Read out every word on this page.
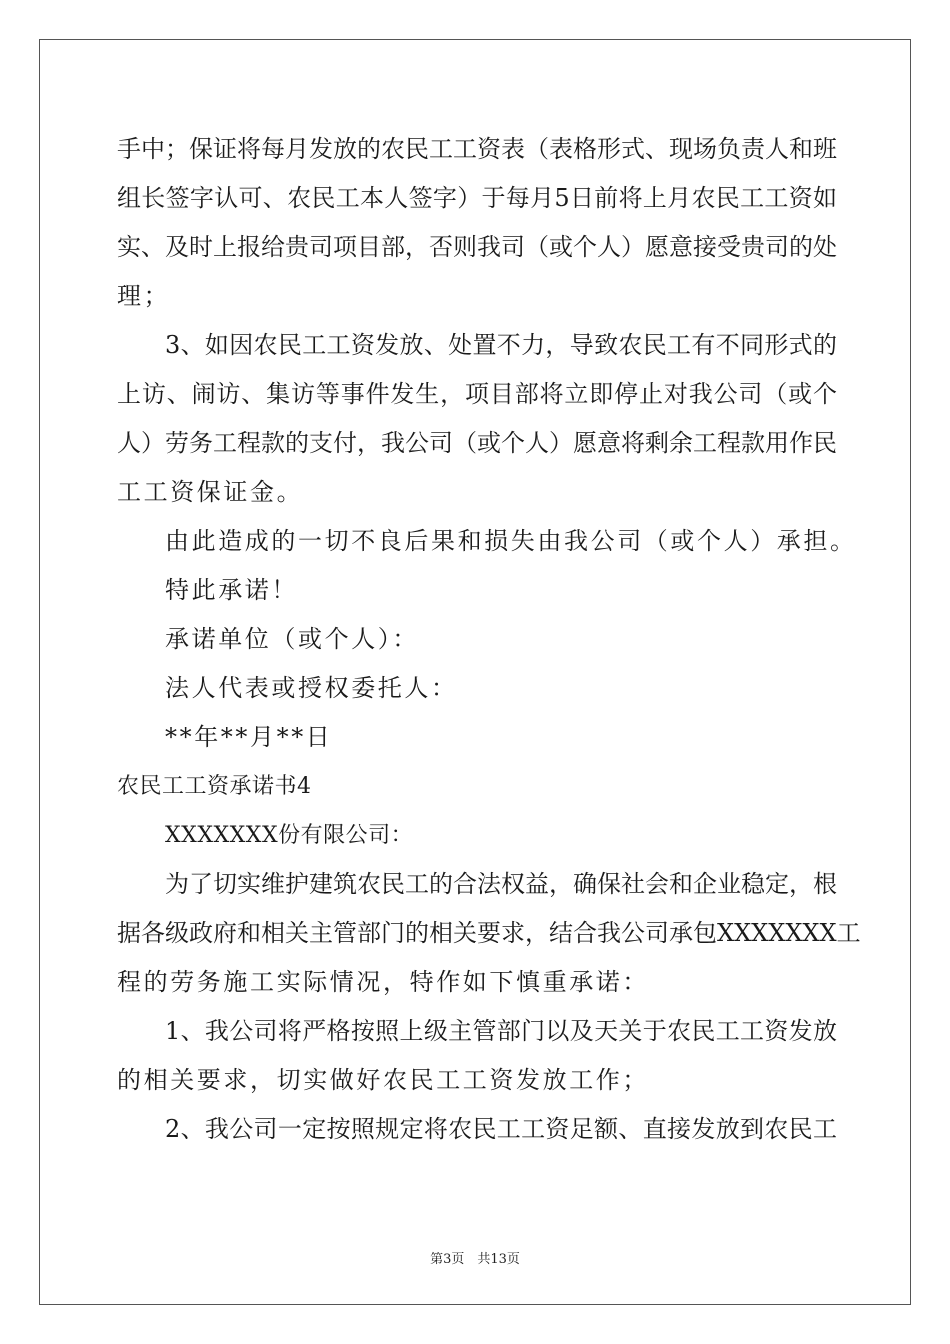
手中；保证将每月发放的农民工工资表（表格形式、现场负责人和班
组长签字认可、农民工本人签字）于每月5日前将上月农民工工资如
实、及时上报给贵司项目部，否则我司（或个人）愿意接受贵司的处
理；
3、如因农民工工资发放、处置不力，导致农民工有不同形式的
上访、闹访、集访等事件发生，项目部将立即停止对我公司（或个
人）劳务工程款的支付，我公司（或个人）愿意将剩余工程款用作民
工工资保证金。
由此造成的一切不良后果和损失由我公司（或个人）承担。
特此承诺！
承诺单位（或个人）：
法人代表或授权委托人：
**年**月**日
农民工工资承诺书4
XXXXXXX份有限公司：
为了切实维护建筑农民工的合法权益，确保社会和企业稳定，根
据各级政府和相关主管部门的相关要求，结合我公司承包XXXXXXX工
程的劳务施工实际情况，特作如下慎重承诺：
1、我公司将严格按照上级主管部门以及天关于农民工工资发放
的相关要求，切实做好农民工工资发放工作；
2、我公司一定按照规定将农民工工资足额、直接发放到农民工
第3页　共13页
